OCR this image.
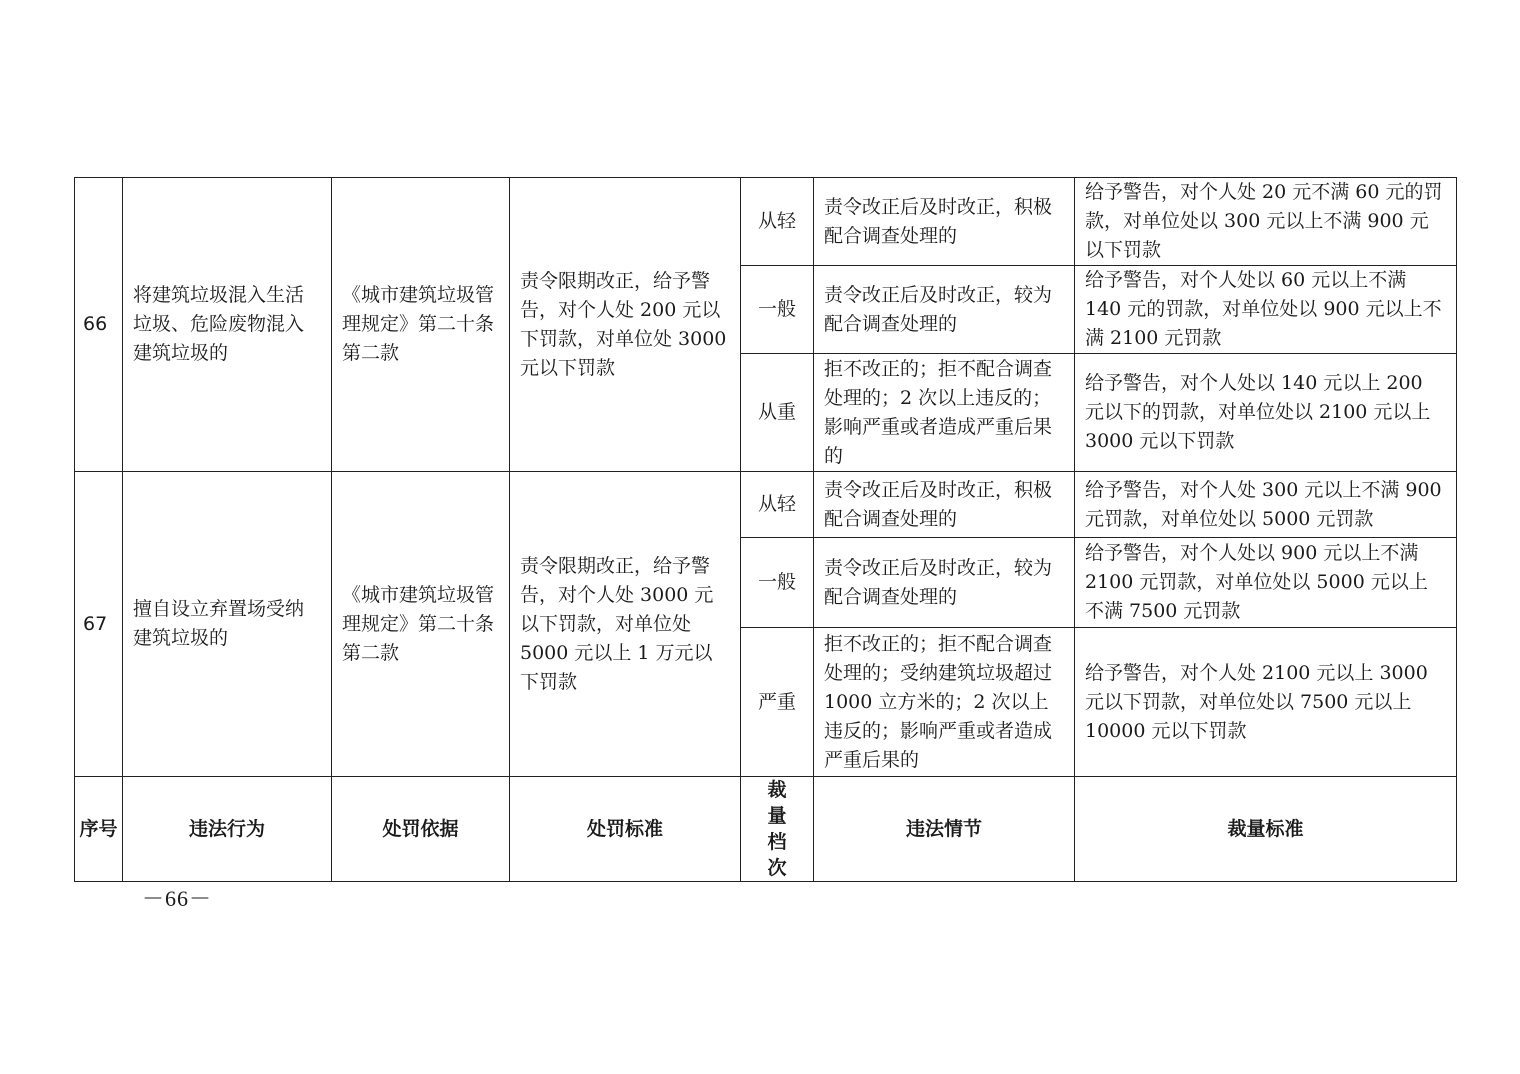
66	将建筑垃圾混入生活垃圾、危险废物混入建筑垃圾的	《城市建筑垃圾管理规定》第二十条第二款	责令限期改正，给予警告，对个人处 200 元以下罚款，对单位处 3000 元以下罚款	从轻	责令改正后及时改正，积极配合调查处理的	给予警告，对个人处 20 元不满 60 元的罚款，对单位处以 300 元以上不满 900 元以下罚款
				一般	责令改正后及时改正，较为配合调查处理的	给予警告，对个人处以 60 元以上不满 140 元的罚款，对单位处以 900 元以上不满 2100 元罚款
				从重	拒不改正的；拒不配合调查处理的；2 次以上违反的；影响严重或者造成严重后果的	给予警告，对个人处以 140 元以上 200 元以下的罚款，对单位处以 2100 元以上 3000 元以下罚款
67	擅自设立弃置场受纳建筑垃圾的	《城市建筑垃圾管理规定》第二十条第二款	责令限期改正，给予警告，对个人处 3000 元以下罚款，对单位处 5000 元以上 1 万元以下罚款	从轻	责令改正后及时改正，积极配合调查处理的	给予警告，对个人处 300 元以上不满 900 元罚款，对单位处以 5000 元罚款
				一般	责令改正后及时改正，较为配合调查处理的	给予警告，对个人处以 900 元以上不满 2100 元罚款，对单位处以 5000 元以上不满 7500 元罚款
				严重	拒不改正的；拒不配合调查处理的；受纳建筑垃圾超过 1000 立方米的；2 次以上违反的；影响严重或者造成严重后果的	给予警告，对个人处 2100 元以上 3000 元以下罚款，对单位处以 7500 元以上 10000 元以下罚款
序号	违法行为	处罚依据	处罚标准	裁量档次	违法情节	裁量标准
－66－
